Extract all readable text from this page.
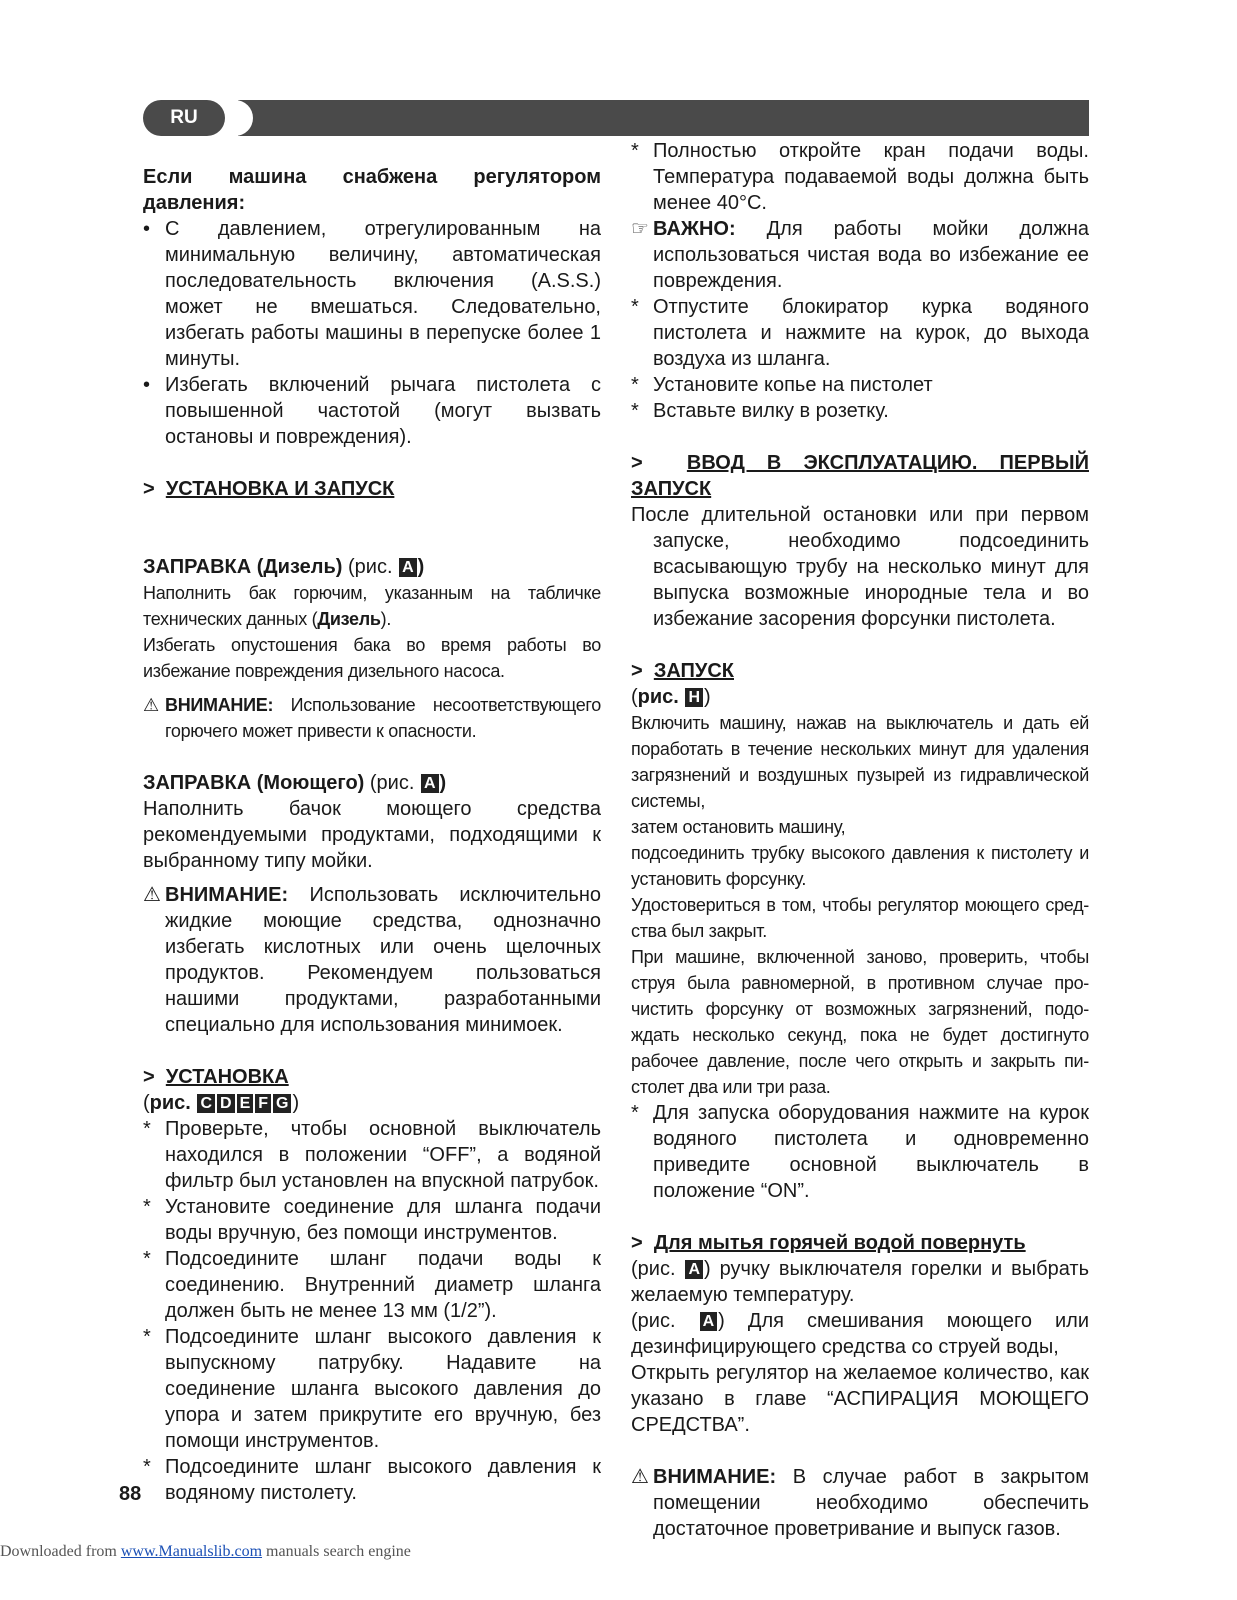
RU

Если машина снабжена регулятором давления:

• С давлением, отрегулированным на минимальную величину, автоматическая последовательность включения (A.S.S.) может не вмешаться. Следовательно, избегать работы машины в перепуске более 1 минуты.

• Избегать включений рычага пистолета с повышенной частотой (могут вызвать остановы и повреждения).

> УСТАНОВКА И ЗАПУСК

ЗАПРАВКА (Дизель) (рис. A )

Наполнить бак горючим, указанным на табличке технических данных (Дизель).

Избегать опустошения бака во время работы во избежание повреждения дизельного насоса.

⚠ ВНИМАНИЕ: Использование несоответствующего горючего может привести к опасности.

ЗАПРАВКА (Моющего) (рис. A )

Наполнить бачок моющего средства рекомендуемыми продуктами, подходящими к выбранному типу мойки.

⚠ ВНИМАНИЕ: Использовать исключительно жидкие моющие средства, однозначно избегать кислотных или очень щелочных продуктов. Рекомендуем пользоваться нашими продуктами, разработанными специально для использования минимоек.

> УСТАНОВКА

(рис. C D E F G )

* Проверьте, чтобы основной выключатель находился в положении “OFF”, а водяной фильтр был установлен на впускной патрубок.

* Установите соединение для шланга подачи воды вручную, без помощи инструментов.

* Подсоедините шланг подачи воды к соединению. Внутренний диаметр шланга должен быть не менее 13 мм (1/2”).

* Подсоедините шланг высокого давления к выпускному патрубку. Надавите на соединение шланга высокого давления до упора и затем прикрутите его вручную, без помощи инструментов.

* Подсоедините шланг высокого давления к водяному пистолету.

* Полностью откройте кран подачи воды. Температура подаваемой воды должна быть менее 40°C.

☞ ВАЖНО: Для работы мойки должна использоваться чистая вода во избежание ее повреждения.

* Отпустите блокиратор курка водяного пистолета и нажмите на курок, до выхода воздуха из шланга.

* Установите копье на пистолет

* Вставьте вилку в розетку.

> ВВОД В ЭКСПЛУАТАЦИЮ. ПЕРВЫЙ ЗАПУСК

После длительной остановки или при первом запуске, необходимо подсоединить всасывающую трубу на несколько минут для выпуска возможные инородные тела и во избежание засорения форсунки пистолета.

> ЗАПУСК

(рис. H )

Включить машину, нажав на выключатель и дать ей поработать в течение нескольких минут для удаления загрязнений и воздушных пузырей из гидравлической системы,

затем остановить машину,

подсоединить трубку высокого давления к пистолету и установить форсунку.

Удостовериться в том, чтобы регулятор моющего сред-ства был закрыт.

При машине, включенной заново, проверить, чтобы струя была равномерной, в противном случае про-чистить форсунку от возможных загрязнений, подо-ждать несколько секунд, пока не будет достигнуто рабочее давление, после чего открыть и закрыть пи-столет два или три раза.

* Для запуска оборудования нажмите на курок водяного пистолета и одновременно приведите основной выключатель в положение “ON”.

> Для мытья горячей водой повернуть

(рис. A ) ручку выключателя горелки и выбрать желаемую температуру.

(рис. A ) Для смешивания моющего или дезинфицирующего средства со струей воды,

Открыть регулятор на желаемое количество, как указано в главе “АСПИРАЦИЯ МОЮЩЕГО СРЕДСТВА”.

⚠ ВНИМАНИЕ: В случае работ в закрытом помещении необходимо обеспечить достаточное проветривание и выпуск газов.

88
Downloaded from www.Manualslib.com manuals search engine
